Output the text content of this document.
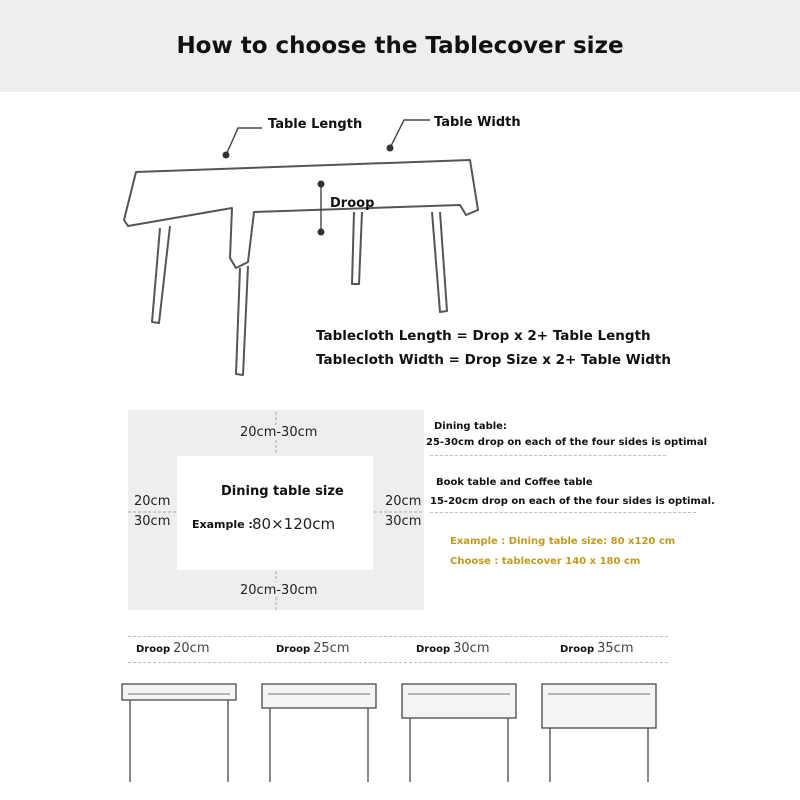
How to choose the Tablecover size
Table Length	Table Width
Droop
Tablecloth Length = Drop x 2+ Table Length
Tablecloth Width = Drop Size x 2+ Table Width
20cm-30cm
20cm-30cm
20cm
30cm
20cm
30cm
Dining table size
Example : 80×120cm
Dining table:
25-30cm drop on each of the four sides is optimal
Book table and Coffee table
15-20cm drop on each of the four sides is optimal.
Example : Dining table size: 80 x120 cm
Choose : tablecover 140 x 180 cm
Droop 20cm	Droop 25cm	Droop 30cm	Droop 35cm
